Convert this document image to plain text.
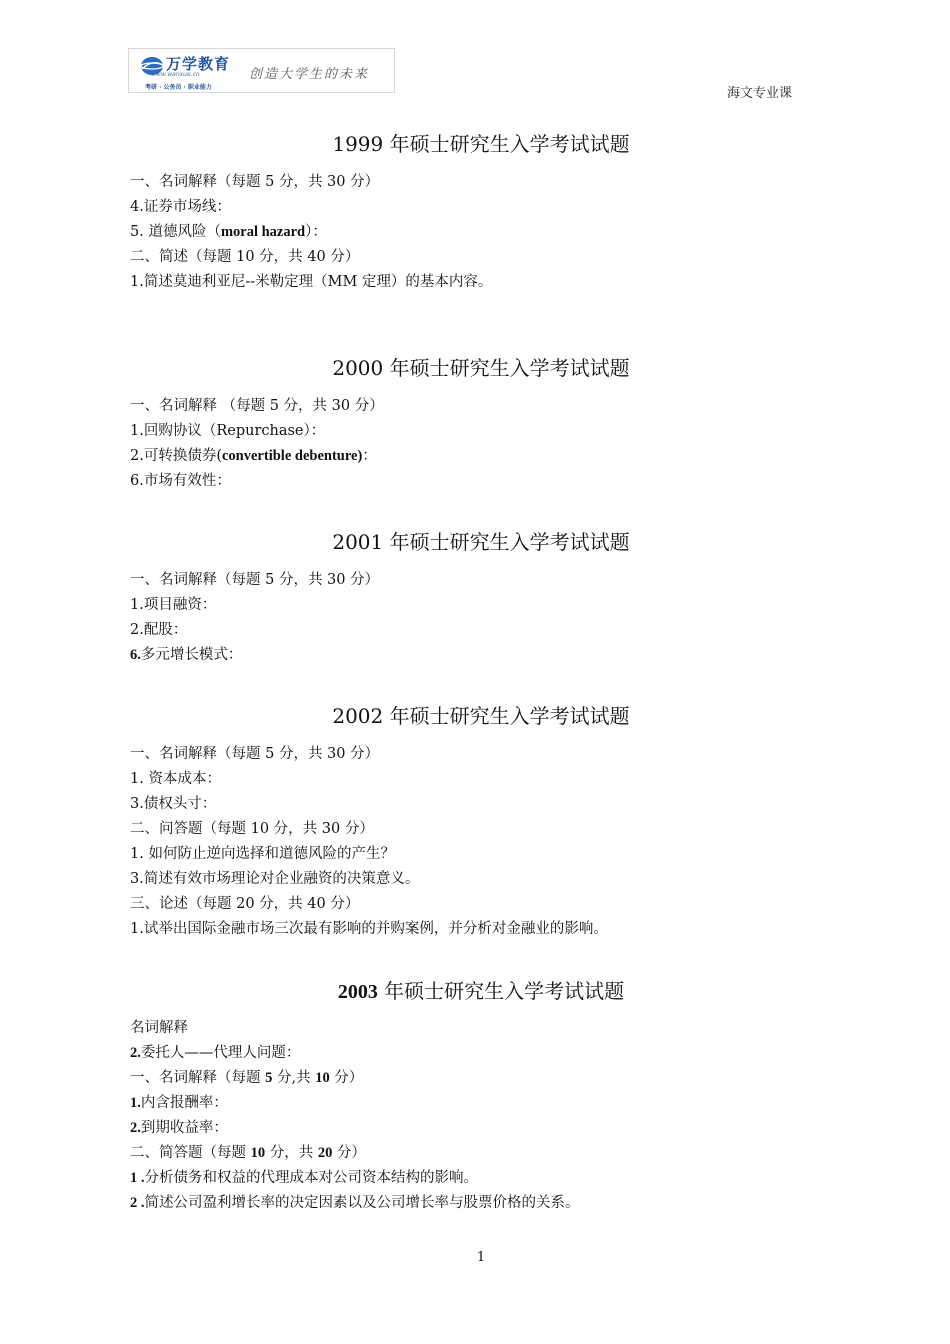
万学教育
www.wanxue.cn
考研 · 公务员 · 职业能力
创造大学生的未来
海文专业课
1999 年硕士研究生入学考试试题
一、名词解释（每题 5 分，共 30 分）
4.证券市场线：
5. 道德风险（moral hazard）：
二、简述（每题 10 分，共 40 分）
1.简述莫迪利亚尼--米勒定理（MM 定理）的基本内容。
2000 年硕士研究生入学考试试题
一、名词解释 （每题 5 分，共 30 分）
1.回购协议（Repurchase）：
2.可转换债券(convertible debenture)：
6.市场有效性：
2001 年硕士研究生入学考试试题
一、名词解释（每题 5 分，共 30 分）
1.项目融资：
2.配股：
6.多元增长模式：
2002 年硕士研究生入学考试试题
一、名词解释（每题 5 分，共 30 分）
1. 资本成本：
3.债权头寸：
二、问答题（每题 10 分，共 30 分）
1. 如何防止逆向选择和道德风险的产生？
3.简述有效市场理论对企业融资的决策意义。
三、论述（每题 20 分，共 40 分）
1.试举出国际金融市场三次最有影响的并购案例，并分析对金融业的影响。
2003 年硕士研究生入学考试试题
名词解释
2.委托人——代理人问题：
一、名词解释（每题 5 分,共 10 分）
1.内含报酬率：
2.到期收益率：
二、简答题（每题 10 分，共 20 分）
1 .分析债务和权益的代理成本对公司资本结构的影响。
2 .简述公司盈利增长率的决定因素以及公司增长率与股票价格的关系。
1
